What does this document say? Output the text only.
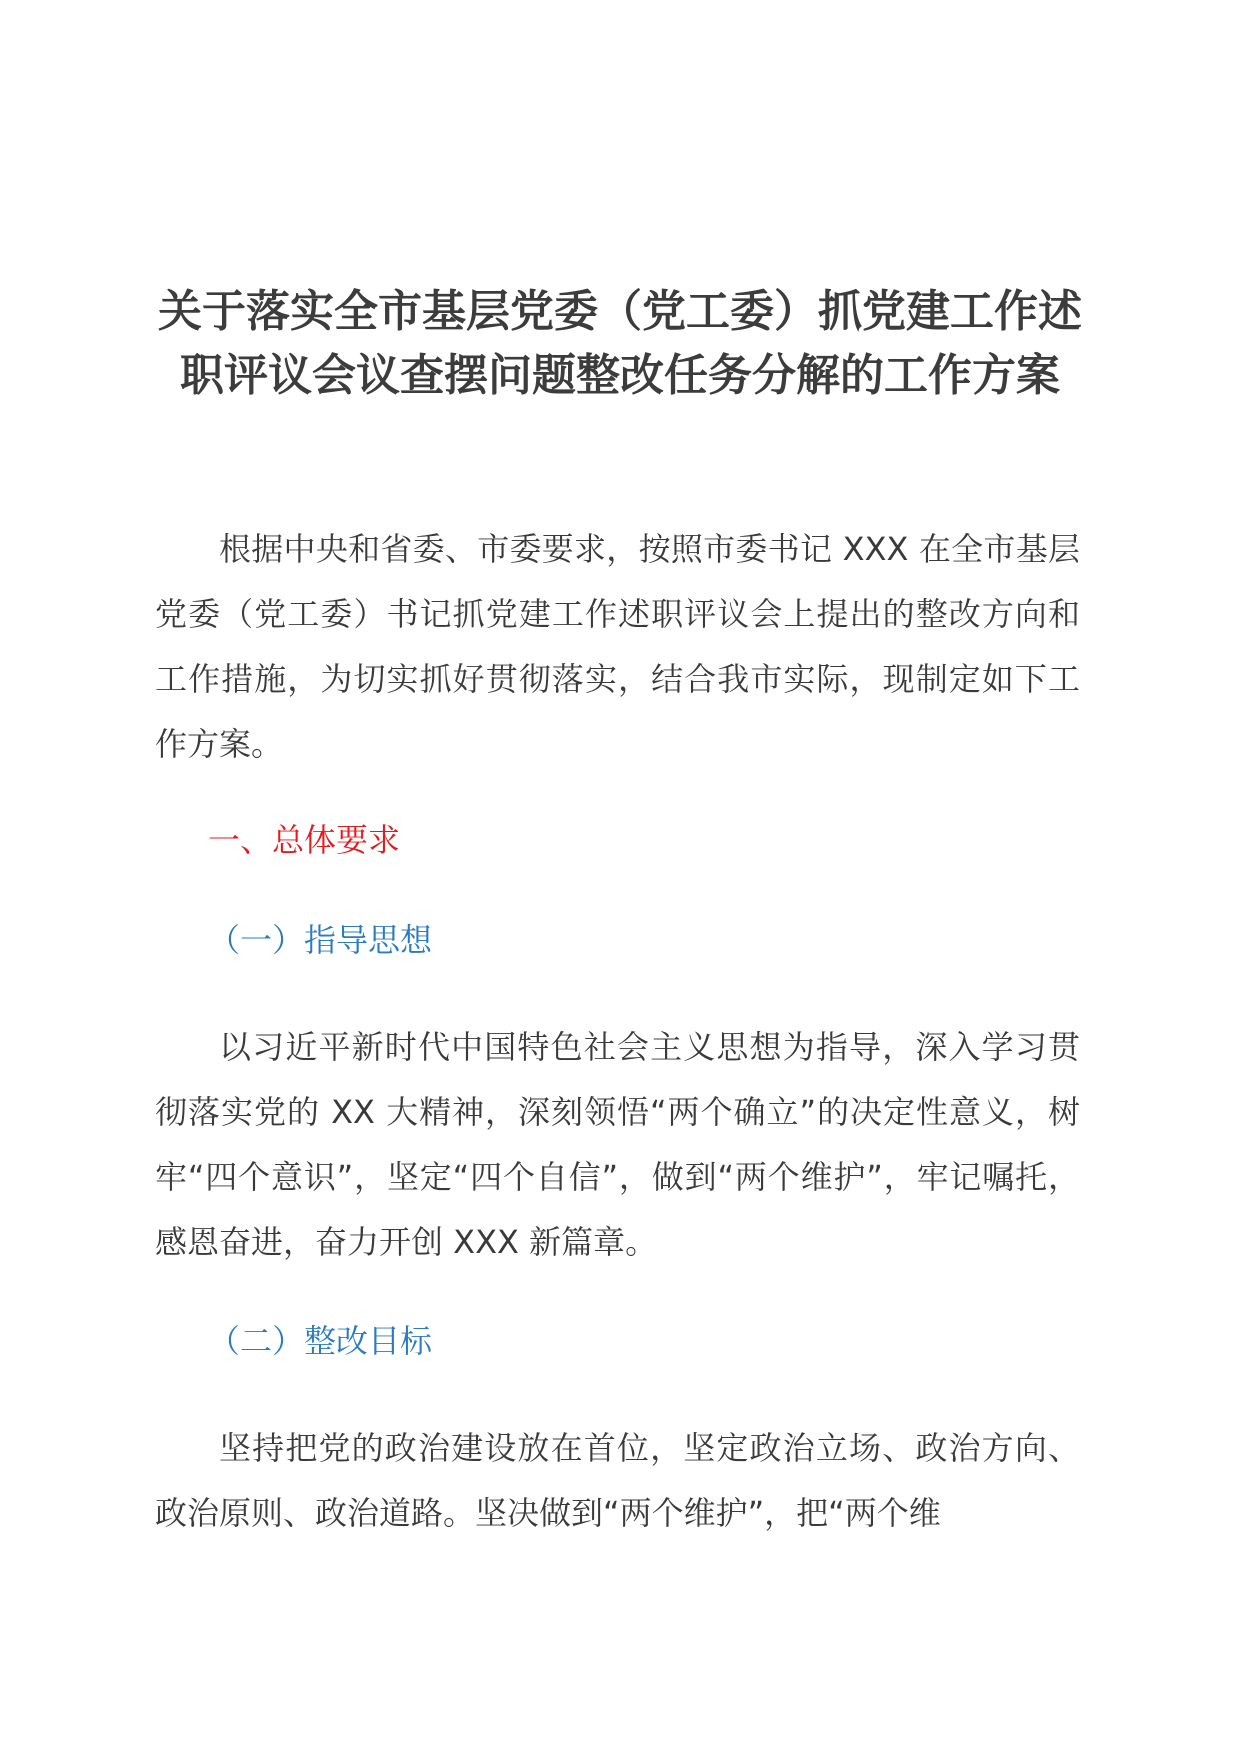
关于落实全市基层党委（党工委）抓党建工作述职评议会议查摆问题整改任务分解的工作方案

根据中央和省委、市委要求，按照市委书记 XXX 在全市基层党委（党工委）书记抓党建工作述职评议会上提出的整改方向和工作措施，为切实抓好贯彻落实，结合我市实际，现制定如下工作方案。

一、总体要求
（一）指导思想

以习近平新时代中国特色社会主义思想为指导，深入学习贯彻落实党的 XX 大精神，深刻领悟“两个确立”的决定性意义，树牢“四个意识”，坚定“四个自信”，做到“两个维护”，牢记嘱托，感恩奋进，奋力开创 XXX 新篇章。

（二）整改目标

坚持把党的政治建设放在首位，坚定政治立场、政治方向、政治原则、政治道路。坚决做到“两个维护”，把“两个维
